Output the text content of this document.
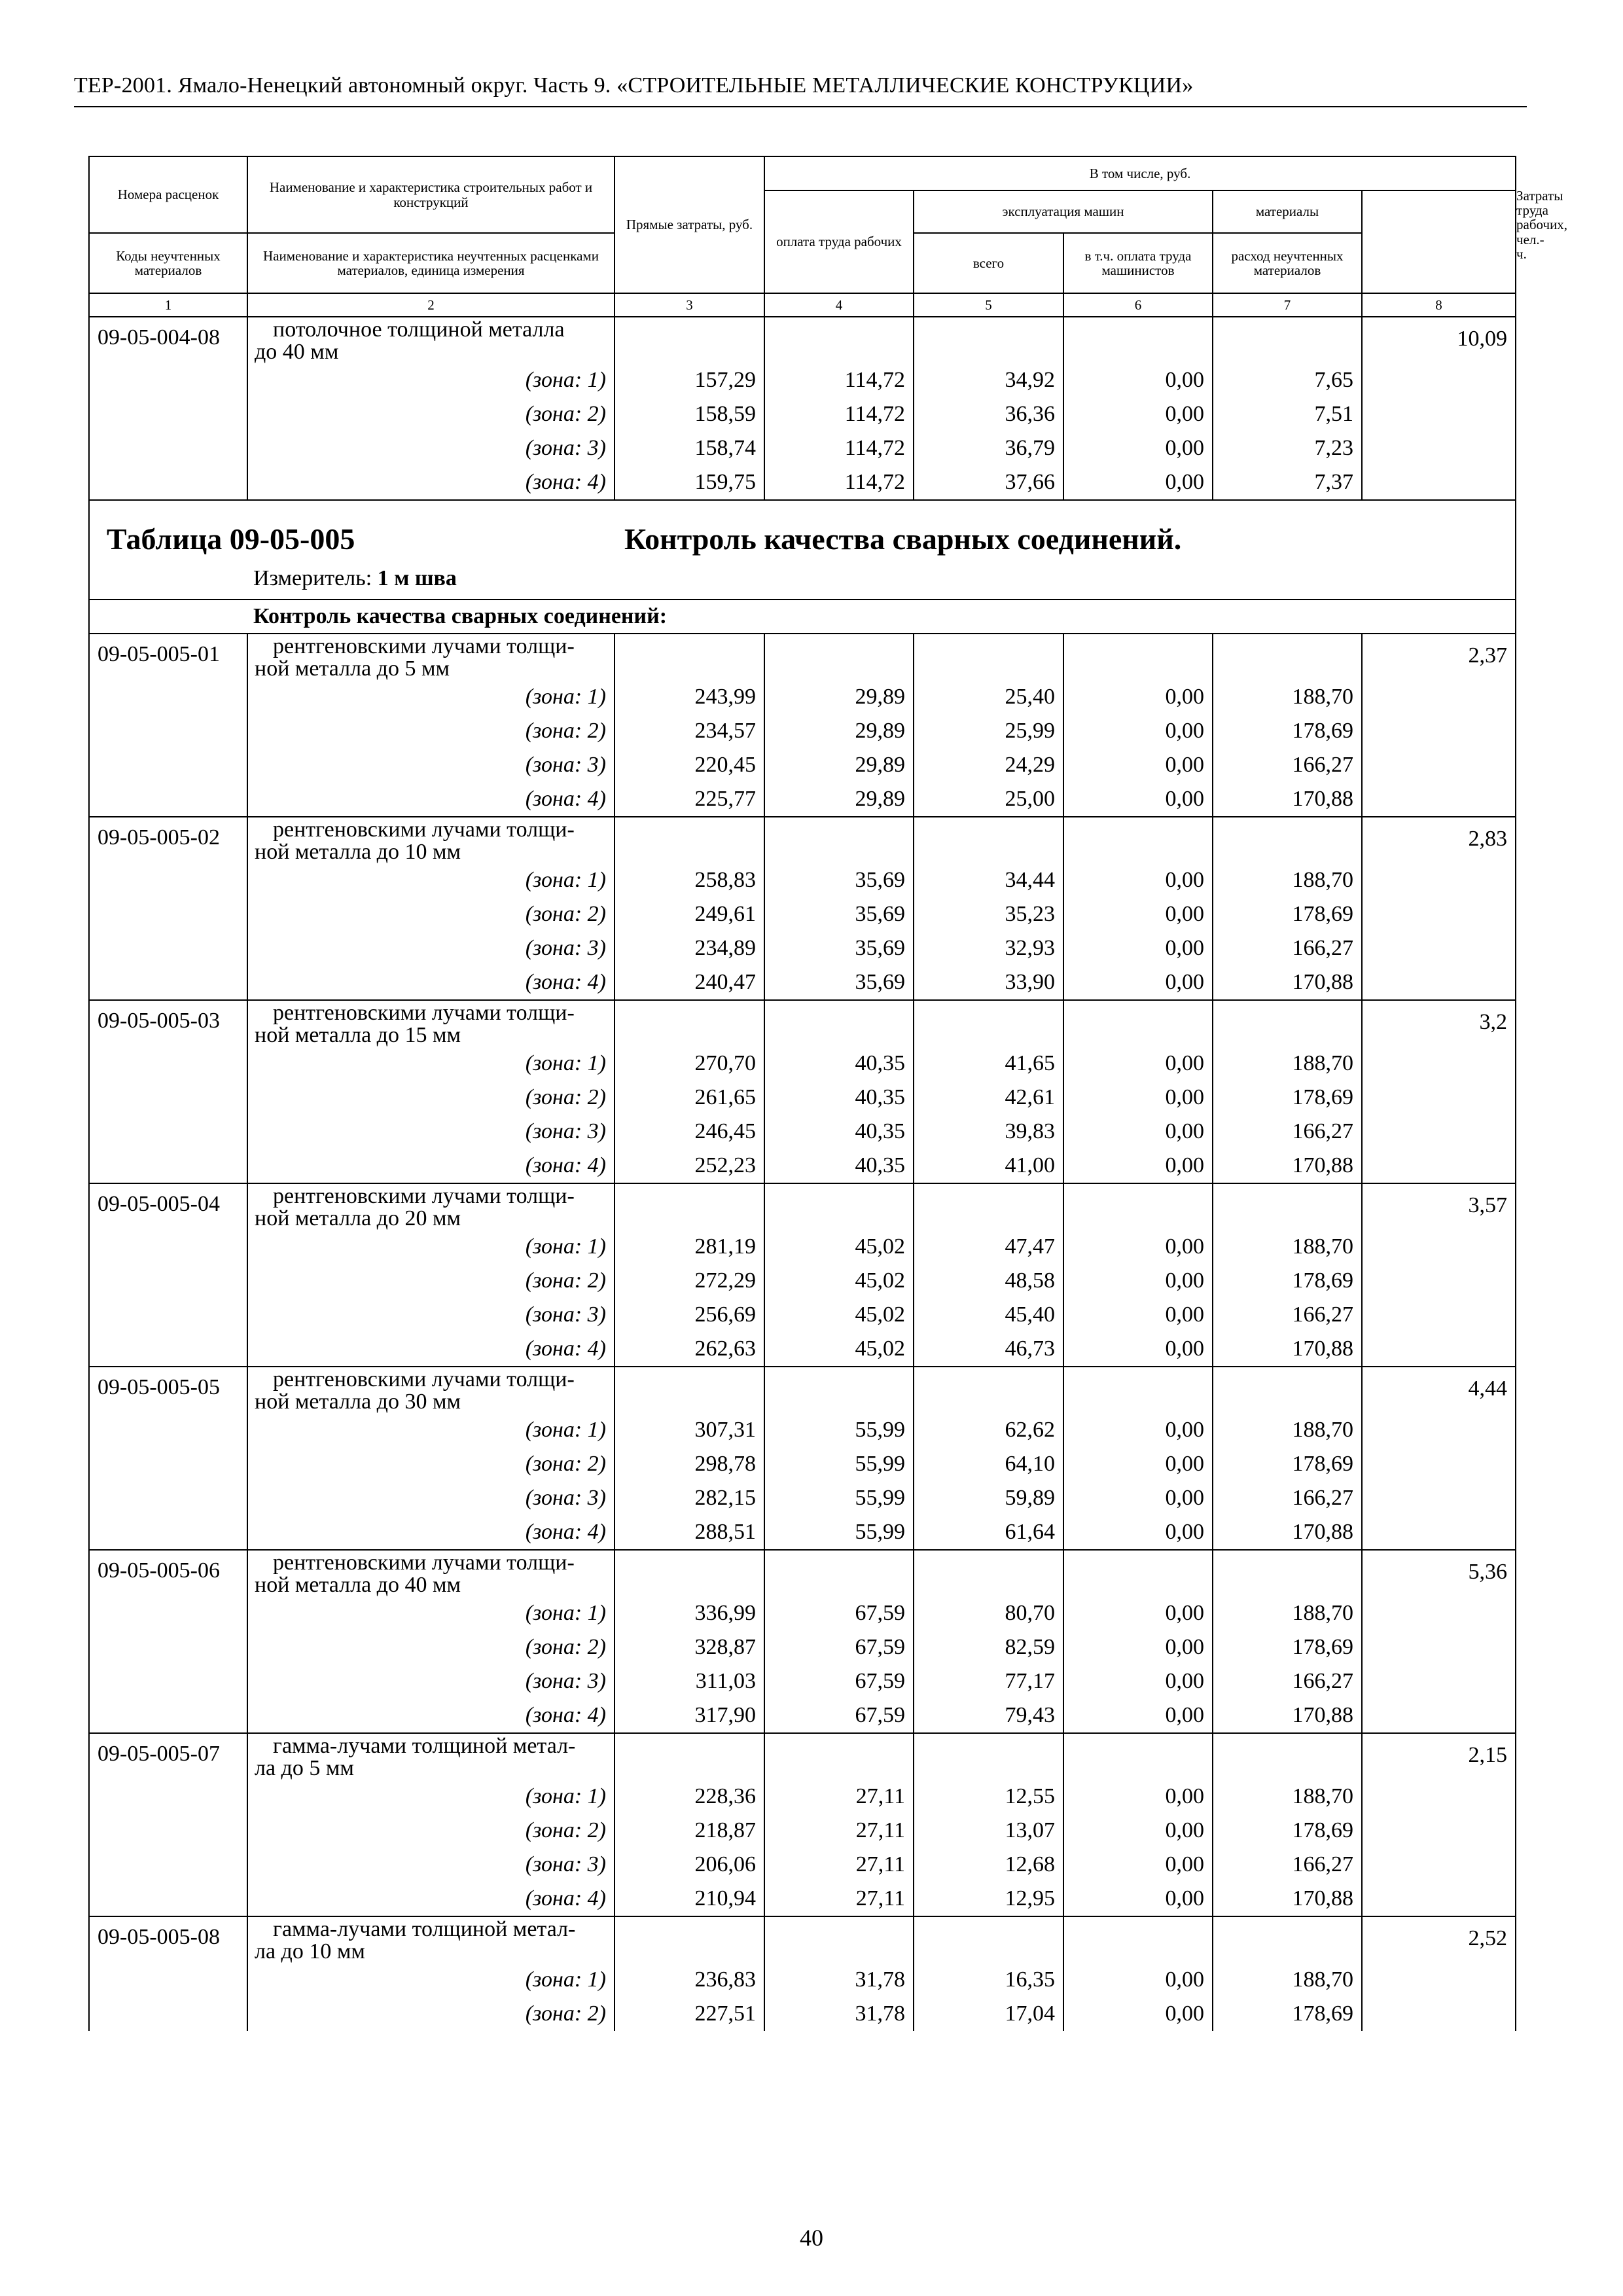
ТЕР-2001. Ямало-Ненецкий автономный округ. Часть 9. «СТРОИТЕЛЬНЫЕ МЕТАЛЛИЧЕСКИЕ КОНСТРУКЦИИ»
Номера расценок	Наименование и характеристика строительных работ и конструкций	Прямые затраты, руб.	В том числе, руб.					Затраты труда рабочих, чел.-ч.
			оплата труда рабочих	эксплуатация машин		материалы		
Коды неучтенных материалов	Наименование и характеристика неучтенных расценками материалов, единица измерения			всего	в т.ч. оплата труда машинистов	расход неучтенных материалов		

1	2	3	4	5	6	7	8	
09-05-004-08	потолочное толщиной металла
до 40 мм						10,09	
	(зона: 1)	157,29	114,72	34,92	0,00	7,65		
	(зона: 2)	158,59	114,72	36,36	0,00	7,51		
	(зона: 3)	158,74	114,72	36,79	0,00	7,23		
	(зона: 4)	159,75	114,72	37,66	0,00	7,37		

Таблица 09-05-005 Контроль качества сварных соединений.
Измеритель: 1 м шва								

Контроль качества сварных соединений:								
09-05-005-01	рентгеновскими лучами толщи-
ной металла до 5 мм						2,37	
	(зона: 1)	243,99	29,89	25,40	0,00	188,70		
	(зона: 2)	234,57	29,89	25,99	0,00	178,69		
	(зона: 3)	220,45	29,89	24,29	0,00	166,27		
	(зона: 4)	225,77	29,89	25,00	0,00	170,88		
09-05-005-02	рентгеновскими лучами толщи-
ной металла до 10 мм						2,83	
	(зона: 1)	258,83	35,69	34,44	0,00	188,70		
	(зона: 2)	249,61	35,69	35,23	0,00	178,69		
	(зона: 3)	234,89	35,69	32,93	0,00	166,27		
	(зона: 4)	240,47	35,69	33,90	0,00	170,88		
09-05-005-03	рентгеновскими лучами толщи-
ной металла до 15 мм						3,2	
	(зона: 1)	270,70	40,35	41,65	0,00	188,70		
	(зона: 2)	261,65	40,35	42,61	0,00	178,69		
	(зона: 3)	246,45	40,35	39,83	0,00	166,27		
	(зона: 4)	252,23	40,35	41,00	0,00	170,88		
09-05-005-04	рентгеновскими лучами толщи-
ной металла до 20 мм						3,57	
	(зона: 1)	281,19	45,02	47,47	0,00	188,70		
	(зона: 2)	272,29	45,02	48,58	0,00	178,69		
	(зона: 3)	256,69	45,02	45,40	0,00	166,27		
	(зона: 4)	262,63	45,02	46,73	0,00	170,88		
09-05-005-05	рентгеновскими лучами толщи-
ной металла до 30 мм						4,44	
	(зона: 1)	307,31	55,99	62,62	0,00	188,70		
	(зона: 2)	298,78	55,99	64,10	0,00	178,69		
	(зона: 3)	282,15	55,99	59,89	0,00	166,27		
	(зона: 4)	288,51	55,99	61,64	0,00	170,88		
09-05-005-06	рентгеновскими лучами толщи-
ной металла до 40 мм						5,36	
	(зона: 1)	336,99	67,59	80,70	0,00	188,70		
	(зона: 2)	328,87	67,59	82,59	0,00	178,69		
	(зона: 3)	311,03	67,59	77,17	0,00	166,27		
	(зона: 4)	317,90	67,59	79,43	0,00	170,88		
09-05-005-07	гамма-лучами толщиной метал-
ла до 5 мм						2,15	
	(зона: 1)	228,36	27,11	12,55	0,00	188,70		
	(зона: 2)	218,87	27,11	13,07	0,00	178,69		
	(зона: 3)	206,06	27,11	12,68	0,00	166,27		
	(зона: 4)	210,94	27,11	12,95	0,00	170,88		
09-05-005-08	гамма-лучами толщиной метал-
ла до 10 мм						2,52	
	(зона: 1)	236,83	31,78	16,35	0,00	188,70		
	(зона: 2)	227,51	31,78	17,04	0,00	178,69		
40
